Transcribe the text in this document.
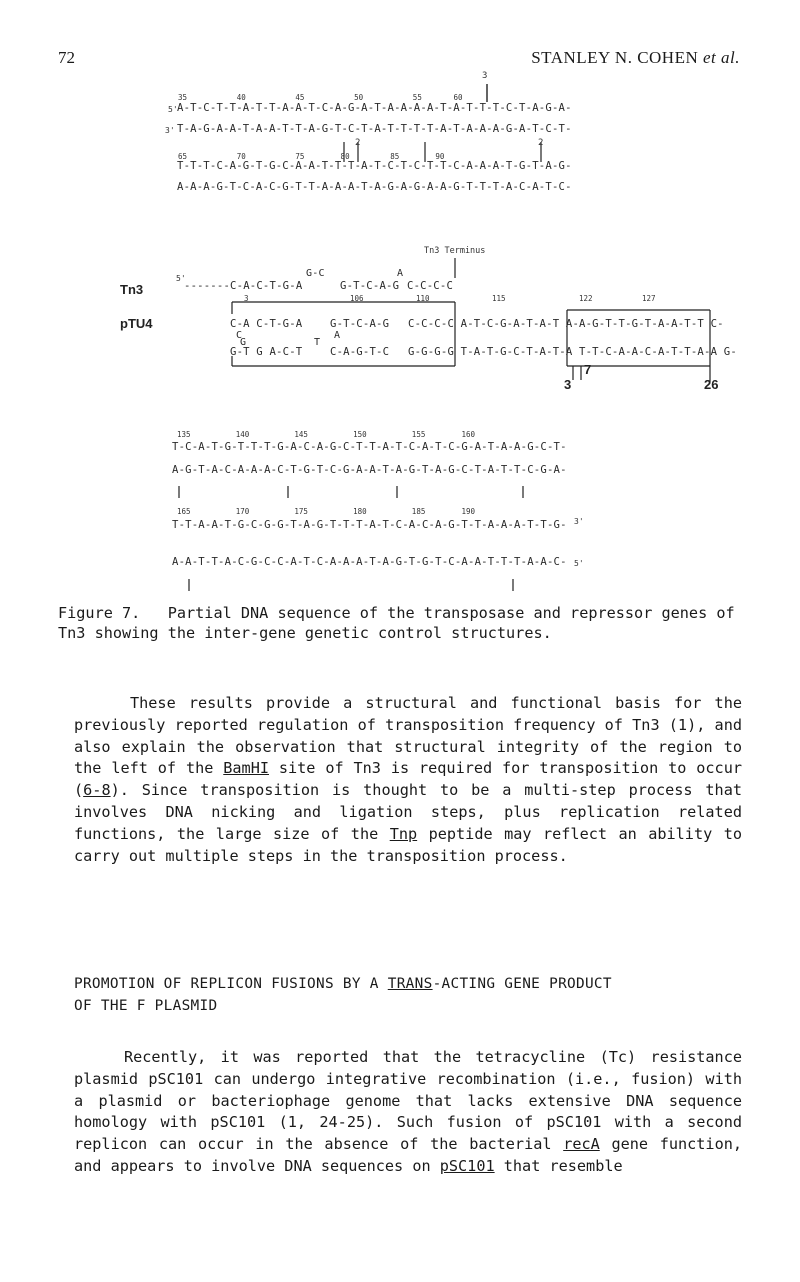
72	STANLEY N. COHEN et al.
3
35           40           45           50           55       60
5' A-T-C-T-T-A-T-T-A-A-T-C-A-G-A-T-A-A-A-A-T-A-T-T-T-C-T-A-G-A-
3' T-A-G-A-A-T-A-A-T-T-A-G-T-C-T-A-T-T-T-T-A-T-A-A-A-G-A-T-C-T-
2	2
65           70           75        80         85        90
T-T-T-C-A-G-T-G-C-A-A-T-T-T-A-T-C-T-C-T-T-C-A-A-A-T-G-T-A-G-
A-A-A-G-T-C-A-C-G-T-T-A-A-A-T-A-G-A-G-A-A-G-T-T-T-A-C-A-T-C-
Tn3 Terminus
Tn3
5'
-------C-A-C-T-G-A
G-C
G-T-C-A-G
A
C-C-C-C
3	106	110	115	122	127
pTU4	C-A C-T-G-A
C
G-T-C-A-G
A
C-C-C-C A-T-C-G-A-T-A-T A-A-G-T-T-G-T-A-A-T-T C-
G
G-T G A-C-T
T
C-A-G-T-C G-G-G-G T-A-T-G-C-T-A-T-A T-T-C-A-A-C-A-T-T-A-A G-
7
3	26
135          140          145          150          155        160
T-C-A-T-G-T-T-T-G-A-C-A-G-C-T-T-A-T-C-A-T-C-G-A-T-A-A-G-C-T-
A-G-T-A-C-A-A-A-C-T-G-T-C-G-A-A-T-A-G-T-A-G-C-T-A-T-T-C-G-A-
165          170          175          180          185        190
T-T-A-A-T-G-C-G-G-T-A-G-T-T-T-A-T-C-A-C-A-G-T-T-A-A-A-T-T-G- 3'
A-A-T-T-A-C-G-C-C-A-T-C-A-A-A-T-A-G-T-G-T-C-A-A-T-T-T-A-A-C- 5'
Figure 7. Partial DNA sequence of the transposase and repressor genes of Tn3 showing the inter-gene genetic control structures.
These results provide a structural and functional basis for the previously reported regulation of transposition frequency of Tn3 (1), and also explain the observation that structural integrity of the region to the left of the BamHI site of Tn3 is required for transposition to occur (6-8). Since transposition is thought to be a multi-step process that involves DNA nicking and ligation steps, plus replication related functions, the large size of the Tnp peptide may reflect an ability to carry out multiple steps in the transposition process.
PROMOTION OF REPLICON FUSIONS BY A TRANS-ACTING GENE PRODUCT
OF THE F PLASMID
Recently, it was reported that the tetracycline (Tc) resistance plasmid pSC101 can undergo integrative recombination (i.e., fusion) with a plasmid or bacteriophage genome that lacks extensive DNA sequence homology with pSC101 (1, 24-25). Such fusion of pSC101 with a second replicon can occur in the absence of the bacterial recA gene function, and appears to involve DNA sequences on pSC101 that resemble
